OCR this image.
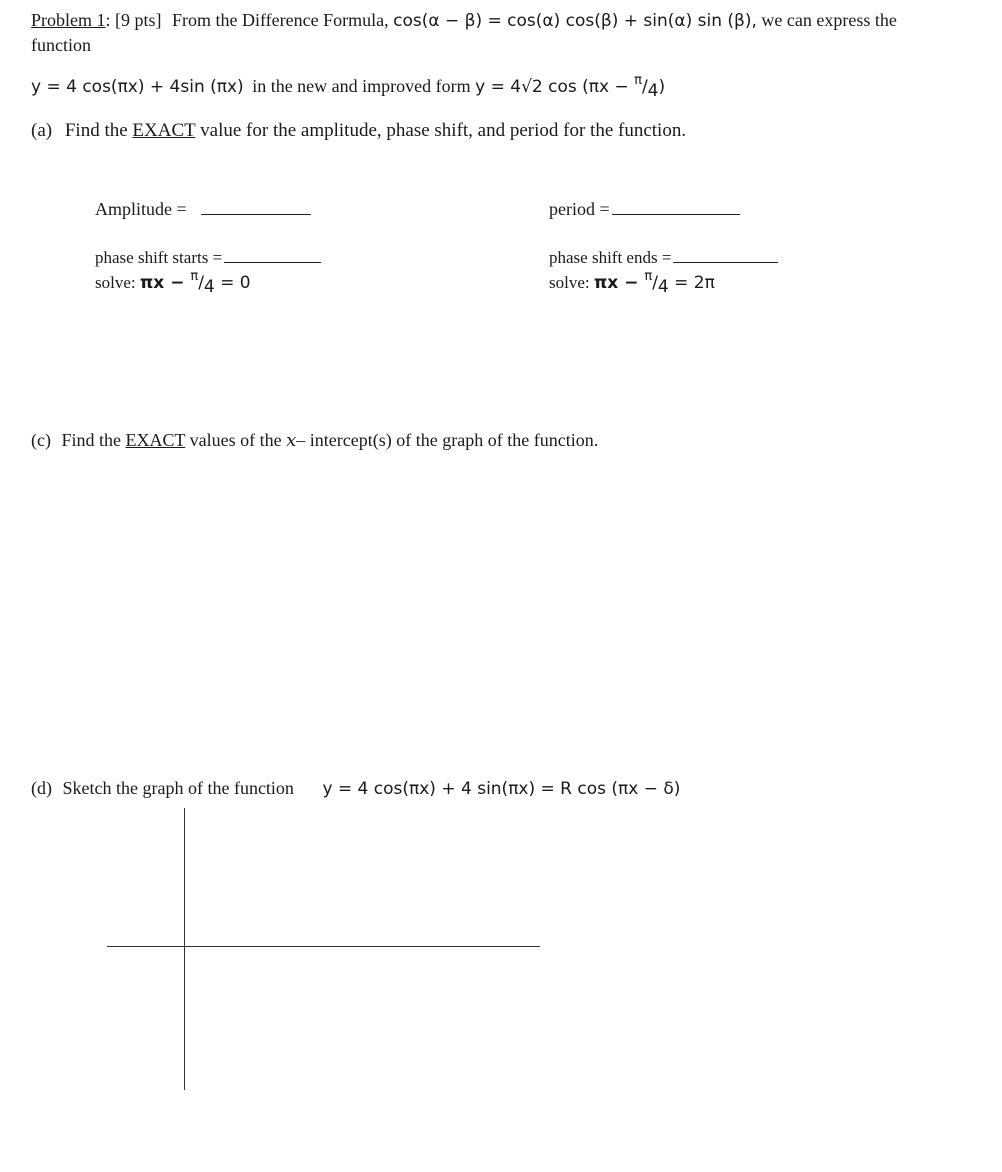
Problem 1: [9 pts] From the Difference Formula, cos(α − β) = cos(α) cos(β) + sin(α) sin (β), we can express the
function
y = 4 cos(πx) + 4sin (πx) in the new and improved form y = 4√2 cos (πx − $^\pi$/4)
(a) Find the EXACT value for the amplitude, phase shift, and period for the function.
Amplitude =	period =
phase shift starts =
solve: πx − $^\pi$/4 = 0
phase shift ends =
solve: πx − $^\pi$/4 = 2π
(c) Find the EXACT values of the x– intercept(s) of the graph of the function.
(d) Sketch the graph of the function y = 4 cos(πx) + 4 sin(πx) = R cos (πx − δ)
